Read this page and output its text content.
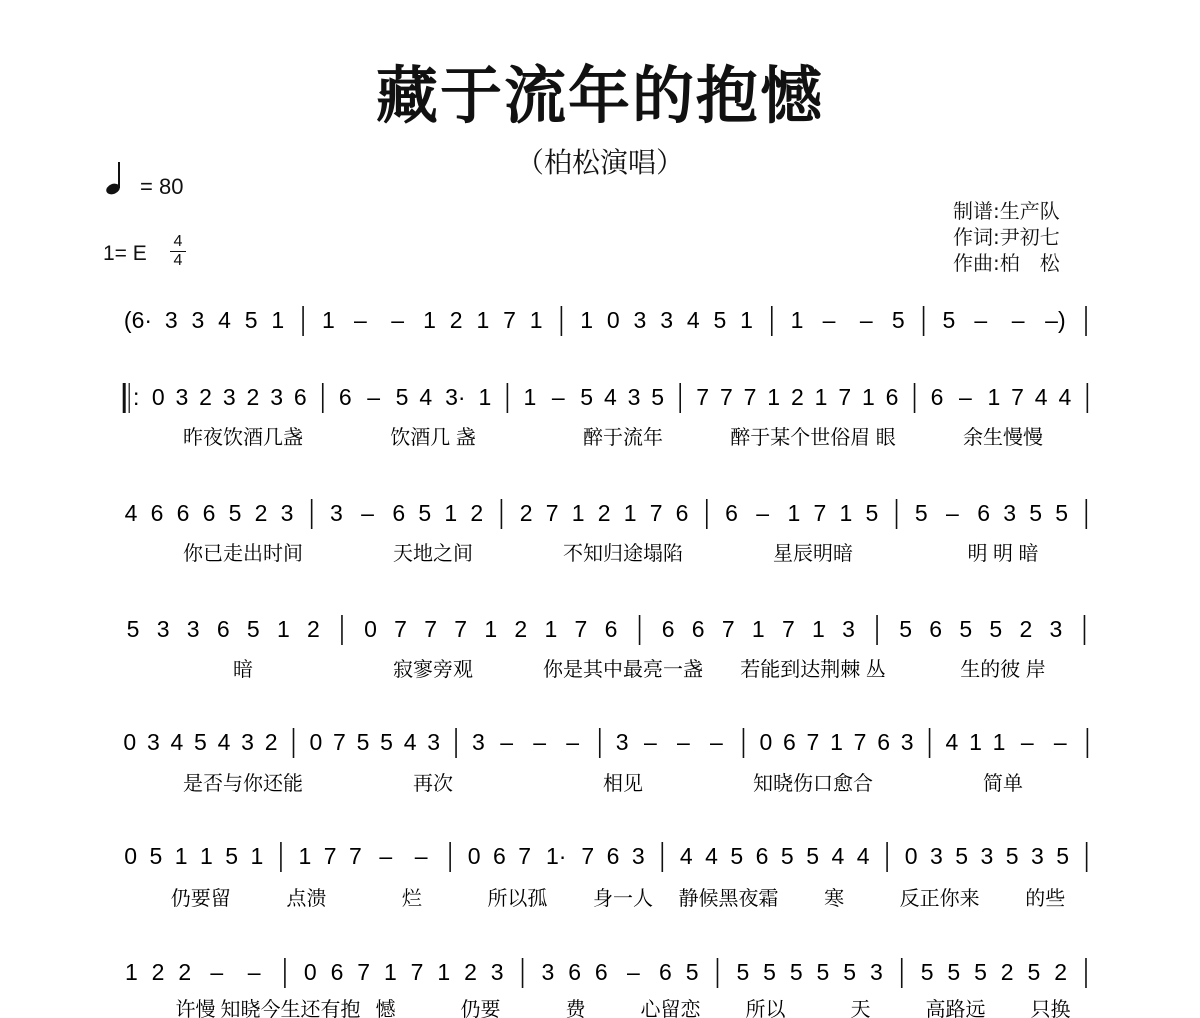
藏于流年的抱憾
（柏松演唱）
= 80
1= E
4
4
制谱:生产队
作词:尹初七
作曲:柏　松
(6· 3 3 4 5 1 1 – – 1 2 1 7 1 1 0 3 3 4 5 1 1 – – 5 5 – – –)
: 0 3 2 3 2 3 6 6 – 5 4 3· 1 1 – 5 4 3 5 7 7 7 1 2 1 7 1 6 6 – 1 7 4 4
昨夜饮酒几盏	饮酒几 盏	醉于流年	醉于某个世俗眉 眼	余生慢慢
4 6 6 6 5 2 3 3 – 6 5 1 2 2 7 1 2 1 7 6 6 – 1 7 1 5 5 – 6 3 5 5
你已走出时间	天地之间	不知归途塌陷	星辰明暗	明 明 暗
5 3 3 6 5 1 2 0 7 7 7 1 2 1 7 6 6 6 7 1 7 1 3 5 6 5 5 2 3
暗	寂寥旁观	你是其中最亮一盏 若能到达荆棘 丛	生的彼 岸
0 3 4 5 4 3 2 0 7 5 5 4 3 3 – – – 3 – – – 0 6 7 1 7 6 3 4 1 1 – –
是否与你还能	再次	相见	知晓伤口愈合	简单
0 5 1 1 5 1 1 7 7 – – 0 6 7 1· 7 6 3 4 4 5 6 5 5 4 4 0 3 5 3 5 3 5
仍要留	点溃	烂	所以孤 身一人 静候黑夜霜 寒	反正你来 的些
1 2 2 – – 0 6 7 1 7 1 2 3 3 6 6 – 6 5 5 5 5 5 5 3 5 5 5 2 5 2
许慢 知晓今生还有抱 憾	仍要	费	心留恋 所以	天	高路远 只换
